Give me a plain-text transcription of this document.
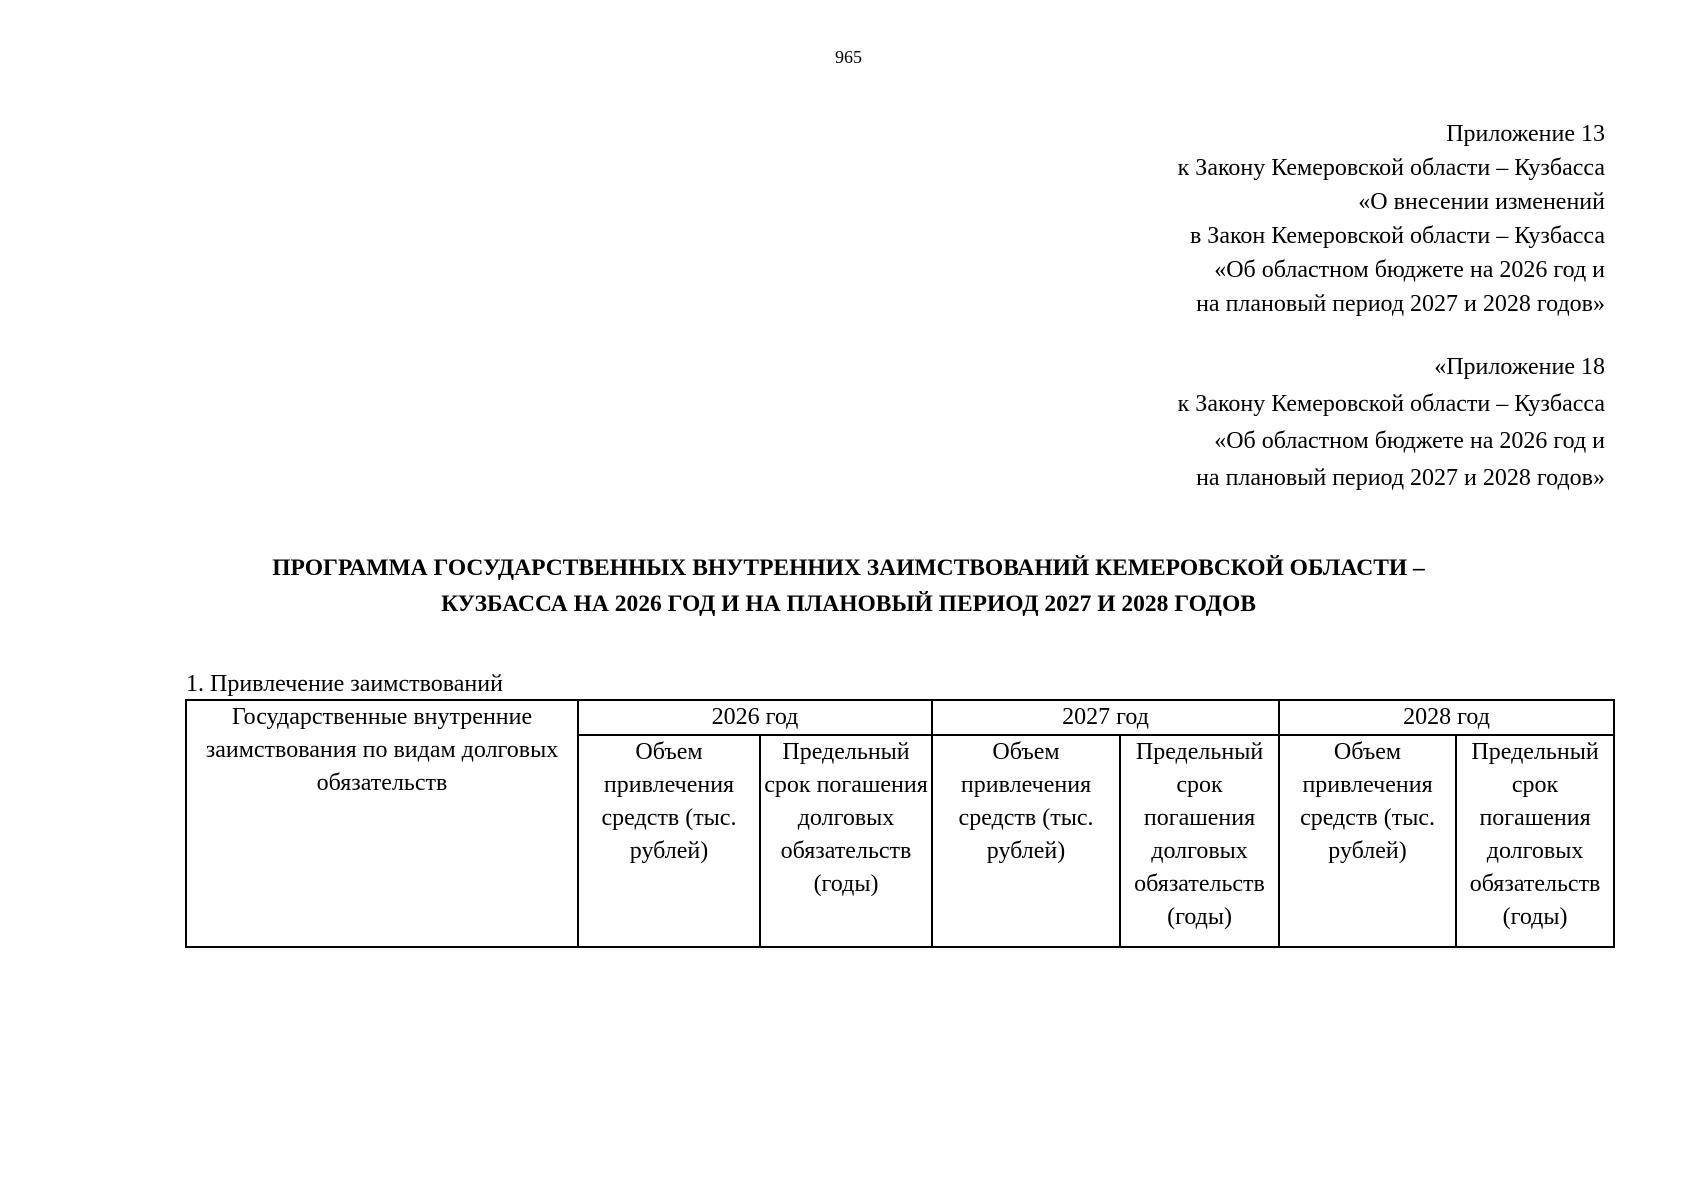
965
Приложение 13
к Закону Кемеровской области – Кузбасса
«О внесении изменений
в Закон Кемеровской области – Кузбасса
«Об областном бюджете на 2026 год и
на плановый период 2027 и 2028 годов»
«Приложение 18
к Закону Кемеровской области – Кузбасса
«Об областном бюджете на 2026 год и
на плановый период 2027 и 2028 годов»
ПРОГРАММА ГОСУДАРСТВЕННЫХ ВНУТРЕННИХ ЗАИМСТВОВАНИЙ КЕМЕРОВСКОЙ ОБЛАСТИ –
КУЗБАССА НА 2026 ГОД И НА ПЛАНОВЫЙ ПЕРИОД 2027 И 2028 ГОДОВ
1. Привлечение заимствований
Государственные внутренние заимствования по видам долговых обязательств	2026 год		2027 год		2028 год	
	Объем привлечения средств (тыс. рублей)	Предельный срок погашения долговых обязательств (годы)	Объем привлечения средств (тыс. рублей)	Предельный срок погашения долговых обязательств (годы)	Объем привлечения средств (тыс. рублей)	Предельный срок погашения долговых обязательств (годы)
